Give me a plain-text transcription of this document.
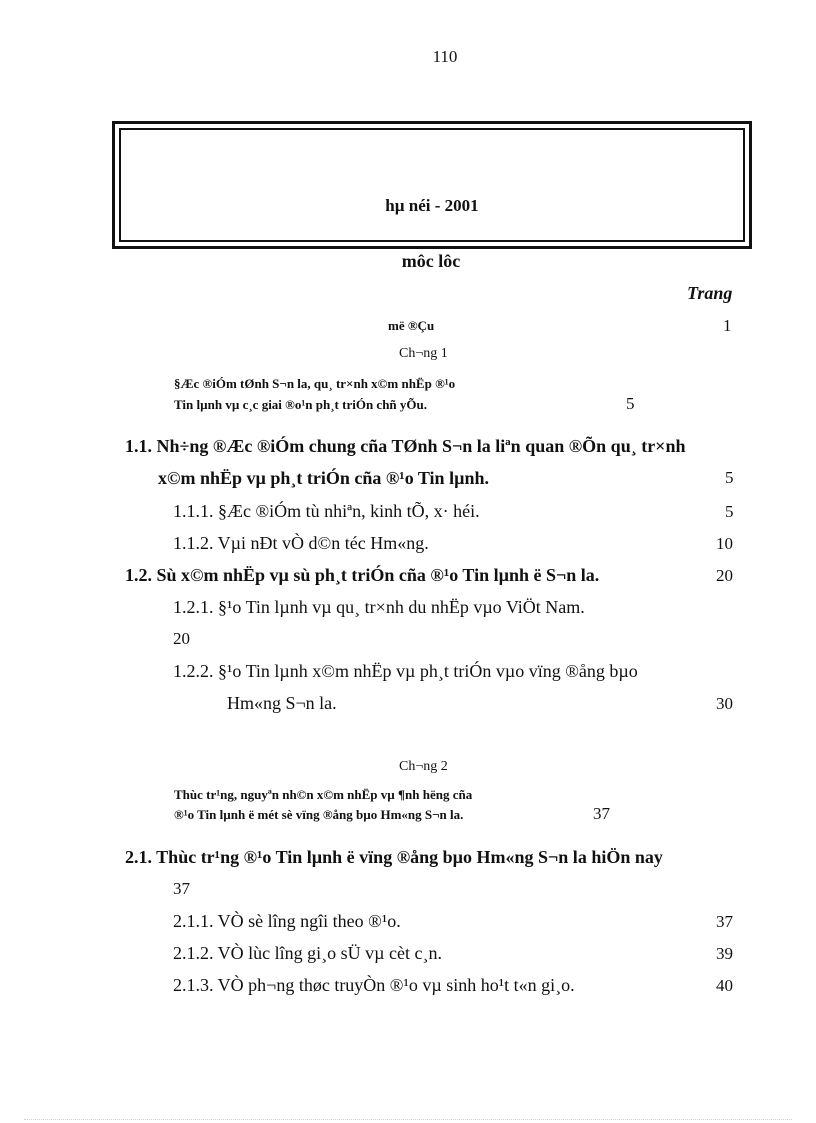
110
hµ néi - 2001
môc lôc
Trang
më ®Çu	1
Ch¬ng 1
§Æc ®iÓm tØnh S¬n la, qu¸ tr×nh x©m nhËp ®¹o
Tin lµnh vµ c¸c giai ®o¹n ph¸t triÓn chñ yÕu.	5
1.1. Nh÷ng ®Æc ®iÓm chung cña TØnh S¬n la liªn quan ®Õn qu¸ tr×nh
x©m nhËp vµ ph¸t triÓn cña ®¹o Tin lµnh.	5
1.1.1. §Æc ®iÓm tù nhiªn, kinh tÕ, x· héi.	5
1.1.2. Vµi nÐt vÒ d©n téc Hm«ng.	10
1.2. Sù x©m nhËp vµ sù ph¸t triÓn cña ®¹o Tin lµnh ë S¬n la.	20
1.2.1. §¹o Tin lµnh vµ qu¸ tr×nh du nhËp vµo ViÖt Nam.
20
1.2.2. §¹o Tin lµnh x©m nhËp vµ ph¸t triÓn vµo vïng ®ång bµo
Hm«ng S¬n la.	30
Ch¬ng 2
Thùc tr¹ng, nguyªn nh©n x©m nhËp vµ ¶nh hëng cña
®¹o Tin lµnh ë mét sè vïng ®ång bµo Hm«ng S¬n la.	37
2.1. Thùc tr¹ng ®¹o Tin lµnh ë vïng ®ång bµo Hm«ng S¬n la hiÖn nay
37
2.1.1. VÒ sè lîng ngîi theo ®¹o.	37
2.1.2. VÒ lùc lîng gi¸o sÜ vµ cèt c¸n.	39
2.1.3. VÒ ph¬ng thøc truyÒn ®¹o vµ sinh ho¹t t«n gi¸o.	40
